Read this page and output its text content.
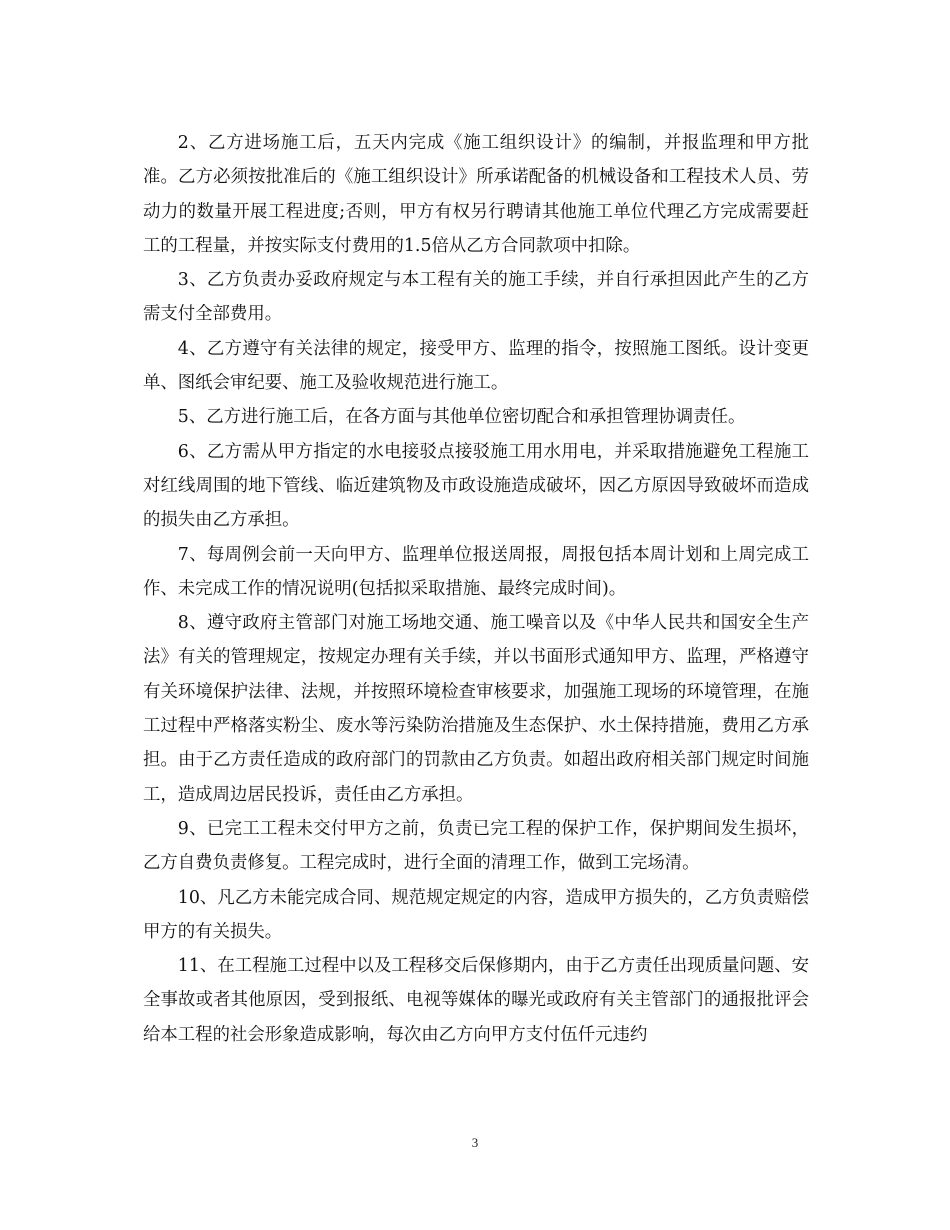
2、乙方进场施工后，五天内完成《施工组织设计》的编制，并报监理和甲方批准。乙方必须按批准后的《施工组织设计》所承诺配备的机械设备和工程技术人员、劳动力的数量开展工程进度;否则，甲方有权另行聘请其他施工单位代理乙方完成需要赶工的工程量，并按实际支付费用的1.5倍从乙方合同款项中扣除。

3、乙方负责办妥政府规定与本工程有关的施工手续，并自行承担因此产生的乙方需支付全部费用。

4、乙方遵守有关法律的规定，接受甲方、监理的指令，按照施工图纸。设计变更单、图纸会审纪要、施工及验收规范进行施工。

5、乙方进行施工后，在各方面与其他单位密切配合和承担管理协调责任。

6、乙方需从甲方指定的水电接驳点接驳施工用水用电，并采取措施避免工程施工对红线周围的地下管线、临近建筑物及市政设施造成破坏，因乙方原因导致破坏而造成的损失由乙方承担。

7、每周例会前一天向甲方、监理单位报送周报，周报包括本周计划和上周完成工作、未完成工作的情况说明(包括拟采取措施、最终完成时间)。

8、遵守政府主管部门对施工场地交通、施工噪音以及《中华人民共和国安全生产法》有关的管理规定，按规定办理有关手续，并以书面形式通知甲方、监理，严格遵守有关环境保护法律、法规，并按照环境检查审核要求，加强施工现场的环境管理，在施工过程中严格落实粉尘、废水等污染防治措施及生态保护、水土保持措施，费用乙方承担。由于乙方责任造成的政府部门的罚款由乙方负责。如超出政府相关部门规定时间施工，造成周边居民投诉，责任由乙方承担。

9、已完工工程未交付甲方之前，负责已完工程的保护工作，保护期间发生损坏，乙方自费负责修复。工程完成时，进行全面的清理工作，做到工完场清。

10、凡乙方未能完成合同、规范规定规定的内容，造成甲方损失的，乙方负责赔偿甲方的有关损失。

11、在工程施工过程中以及工程移交后保修期内，由于乙方责任出现质量问题、安全事故或者其他原因，受到报纸、电视等媒体的曝光或政府有关主管部门的通报批评会给本工程的社会形象造成影响，每次由乙方向甲方支付伍仟元违约

3
